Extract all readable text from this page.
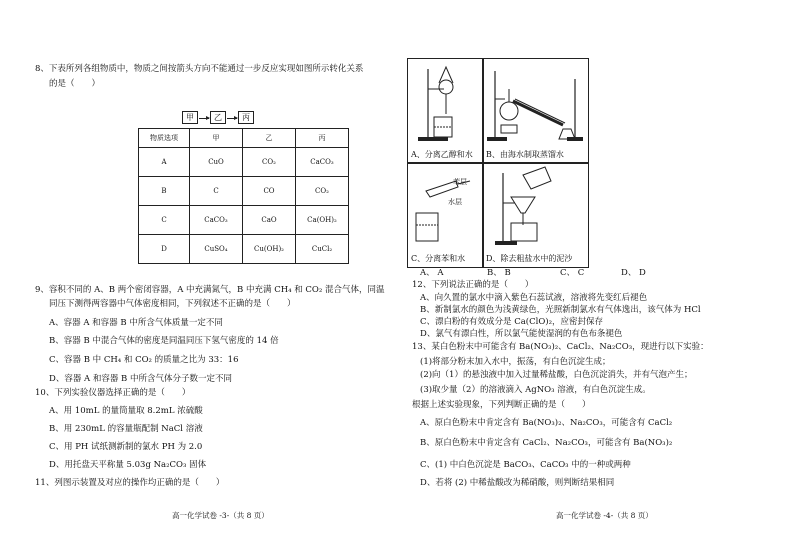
8、下表所列各组物质中，物质之间按箭头方向不能通过一步反应实现如图所示转化关系
的是（　　）
甲	乙	丙
物质选项	甲	乙	丙
A	CuO	CO₂	CaCO₃
B	C	CO	CO₂
C	CaCO₃	CaO	Ca(OH)₂
D	CuSO₄	Cu(OH)₂	CuCl₂
9、容积不同的 A、B 两个密闭容器，A 中充满氮气，B 中充满 CH₄ 和 CO₂ 混合气体，同温
同压下测得两容器中气体密度相同，下列叙述不正确的是（　　）
A、容器 A 和容器 B 中所含气体质量一定不同
B、容器 B 中混合气体的密度是同温同压下氢气密度的 14 倍
C、容器 B 中 CH₄ 和 CO₂ 的质量之比为 33：16
D、容器 A 和容器 B 中所含气体分子数一定不同
10、下列实验仪器选择正确的是（　　）
A、用 10mL 的量筒量取 8.2mL 浓硫酸
B、用 230mL 的容量瓶配制 NaCl 溶液
C、用 PH 试纸测新制的氯水 PH 为 2.0
D、用托盘天平称量 5.03g Na₂CO₃ 固体
11、列图示装置及对应的操作均正确的是（　　）
高一化学试卷 -3-（共 8 页）
A、分离乙醇和水 B、由海水制取蒸馏水
苯层
水层
C、分离苯和水	D、除去粗盐水中的泥沙
A、 A	B、 B	C、 C	D、 D
12、下列说法正确的是（　　）
A、向久置的氯水中滴入紫色石蕊试液，溶液将先变红后褪色
B、新制氯水的颜色为浅黄绿色，光照新制氯水有气体逸出，该气体为 HCl
C、漂白粉的有效成分是 Ca(ClO)₂，应密封保存
D、氯气有漂白性，所以氯气能使湿润的有色布条褪色
13、某白色粉末中可能含有 Ba(NO₃)₂、CaCl₂、Na₂CO₃，现进行以下实验：
(1)将部分粉末加入水中，振荡，有白色沉淀生成；
(2)向（1）的悬浊液中加入过量稀盐酸，白色沉淀消失，并有气泡产生；
(3)取少量（2）的溶液滴入 AgNO₃ 溶液，有白色沉淀生成。
根据上述实验现象，下列判断正确的是（　　）
A、原白色粉末中肯定含有 Ba(NO₃)₂、Na₂CO₃，可能含有 CaCl₂
B、原白色粉末中肯定含有 CaCl₂、Na₂CO₃，可能含有 Ba(NO₃)₂
C、(1) 中白色沉淀是 BaCO₃、CaCO₃ 中的一种或两种
D、若将 (2) 中稀盐酸改为稀硝酸，则判断结果相同
高一化学试卷 -4-（共 8 页）
